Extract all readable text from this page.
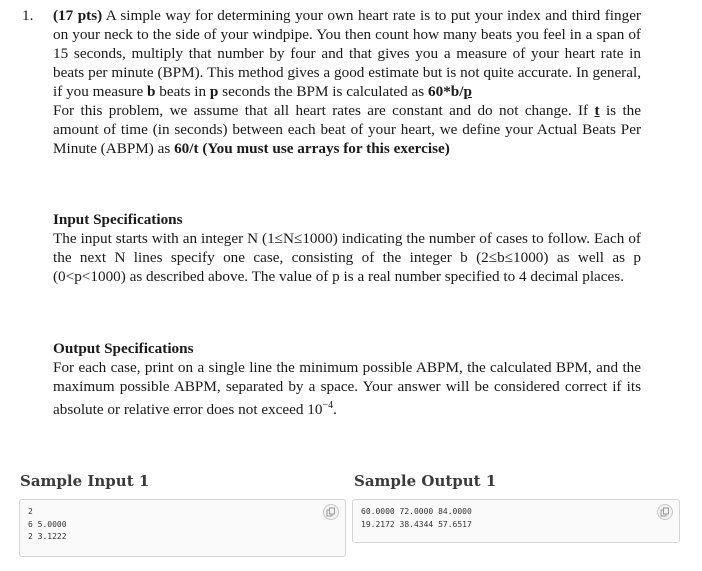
1. (17 pts) A simple way for determining your own heart rate is to put your index and third finger on your neck to the side of your windpipe. You then count how many beats you feel in a span of 15 seconds, multiply that number by four and that gives you a measure of your heart rate in beats per minute (BPM). This method gives a good estimate but is not quite accurate. In general, if you measure b beats in p seconds the BPM is calculated as 60*b/p

For this problem, we assume that all heart rates are constant and do not change. If t is the amount of time (in seconds) between each beat of your heart, we define your Actual Beats Per Minute (ABPM) as 60/t (You must use arrays for this exercise)

Input Specifications

The input starts with an integer N (1≤N≤1000) indicating the number of cases to follow. Each of the next N lines specify one case, consisting of the integer b (2≤b≤1000) as well as p (0<p<1000) as described above. The value of p is a real number specified to 4 decimal places.

Output Specifications

For each case, print on a single line the minimum possible ABPM, the calculated BPM, and the maximum possible ABPM, separated by a space. Your answer will be considered correct if its absolute or relative error does not exceed $10^{-4}$.

Sample Input 1
2
6 5.0000
2 3.1222
Sample Output 1
60.0000 72.0000 84.0000
19.2172 38.4344 57.6517
